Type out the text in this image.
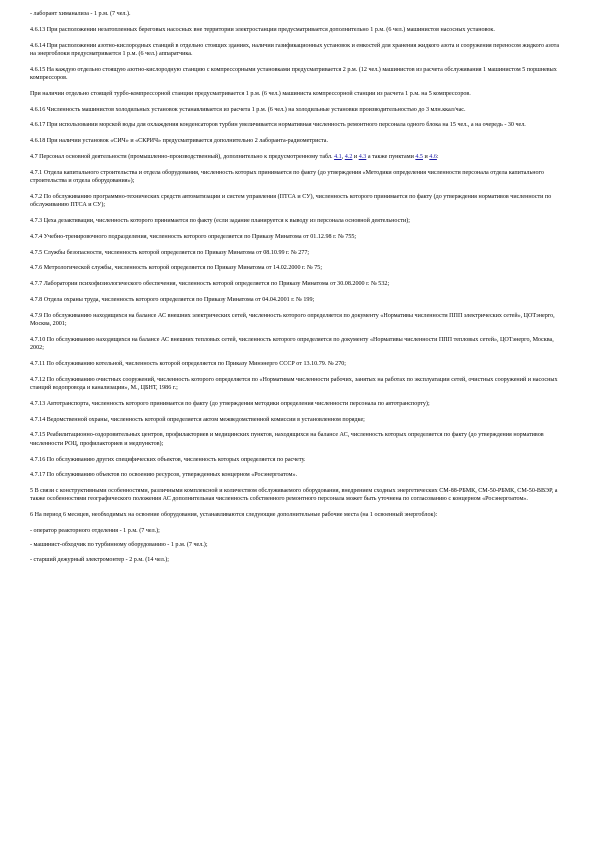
- лаборант химанализа - 1 р.м. (7 чел.).

4.6.13 При расположении незатопленных береговых насосных вне территории электростанции предусматривается дополнительно 1 р.м. (6 чел.) машинистов насосных установок.

4.6.14 При расположении азотно-кислородных станций в отдельно стоящих зданиях, наличии газификационных установок и емкостей для хранения жидкого азота и сооружения переносом жидкого азота на энергоблоки предусматривается 1 р.м. (6 чел.) аппаратчика.

4.6.15 На каждую отдельно стоящую азотно-кислородную станцию с компрессорными установками предусматривается 2 р.м. (12 чел.) машинистов из расчета обслуживания 1 машинистом 5 поршневых компрессоров.

При наличии отдельно стоящей турбо-компрессорной станции предусматривается 1 р.м. (6 чел.) машиниста компрессорной станции из расчета 1 р.м. на 5 компрессоров.

4.6.16 Численность машинистов холодильных установок устанавливается из расчета 1 р.м. (6 чел.) на холодильные установки производительностью до 3 млн.ккал/час.

4.6.17 При использовании морской воды для охлаждения конденсаторов турбин увеличивается нормативная численность ремонтного персонала одного блока на 15 чел., а на очередь - 30 чел.

4.6.18 При наличии установок «СИЧ» и «СКРИЧ» предусматривается дополнительно 2 лаборанта-радиометриста.

4.7 Персонал основной деятельности (промышленно-производственный), дополнительно к предусмотренному табл. 4.1, 4.2 и 4.3 а также пунктами 4.5 и 4.6:

4.7.1 Отдела капитального строительства и отдела оборудования, численность которых принимается по факту (до утверждения «Методики определения численности персонала отдела капитального строительства и отдела оборудования»);

4.7.2 По обслуживанию программно-технических средств автоматизации и систем управления (ПТСА и СУ), численность которого принимается по факту (до утверждения нормативов численности по обслуживанию ПТСА и СУ);

4.7.3 Цеха дезактивации, численность которого принимается по факту (если задание планируется к выводу из персонала основной деятельности);

4.7.4 Учебно-тренировочного подразделения, численность которого определяется по Приказу Минатома от 01.12.98 г. № 755;

4.7.5 Службы безопасности, численность которой определяется по Приказу Минатома от 08.10.99 г. № 277;

4.7.6 Метрологической службы, численность которой определяется по Приказу Минатома от 14.02.2000 г. № 75;

4.7.7 Лаборатории психофизиологического обеспечения, численность которой определяется по Приказу Минатома от 30.08.2000 г. № 532;

4.7.8 Отдела охраны труда, численность которого определяется по Приказу Минатома от 04.04.2001 г. № 199;

4.7.9 По обслуживанию находящихся на балансе АС внешних электрических сетей, численность которого определяется по документу «Нормативы численности ППП электрических сетей», ЦОТэнерго, Москва, 2001;

4.7.10 По обслуживанию находящихся на балансе АС внешних тепловых сетей, численность которого определяется по документу «Нормативы численности ППП тепловых сетей», ЦОТэнерго, Москва, 2002;

4.7.11 По обслуживанию котельной, численность которой определяется по Приказу Минэнерго СССР от 13.10.79. № 270;

4.7.12 По обслуживанию очистных сооружений, численность которого определяется по «Нормативам численности рабочих, занятых на работах по эксплуатации сетей, очистных сооружений и насосных станций водопровода и канализации», М., ЦБНТ, 1986 г.;

4.7.13 Автотранспорта, численность которого принимается по факту (до утверждения методики определения численности персонала по автотранспорту);

4.7.14 Ведомственной охраны, численность которой определяется актом межведомственной комиссии в установленном порядке;

4.7.15 Реабилитационно-оздоровительных центров, профилакториев и медицинских пунктов, находящихся на балансе АС, численность которых определяется по факту (до утверждения нормативов численности РОЦ, профилакториев и медпунктов);

4.7.16 По обслуживанию других специфических объектов, численность которых определяется по расчету.

4.7.17 По обслуживанию объектов по освоению ресурсов, утвержденных концерном «Росэнергоатом».

5 В связи с конструктивными особенностями, различными комплексной и количеством обслуживаемого оборудования, внедрением сходных энергетических СМ-88-РБМК, СМ-50-РБМК, СМ-50-ВВЭР, а также особенностями географического положения АС дополнительная численность собственного ремонтного персонала может быть уточнена по согласованию с концерном «Росэнергоатом».

6 На период 6 месяцев, необходимых на освоение оборудования, устанавливаются следующие дополнительные рабочие места (на 1 освоенный энергоблок):

- оператор реакторного отделения - 1 р.м. (7 чел.);

- машинист-обходчик по турбинному оборудованию - 1 р.м. (7 чел.);

- старший дежурный электромонтер - 2 р.м. (14 чел.);
